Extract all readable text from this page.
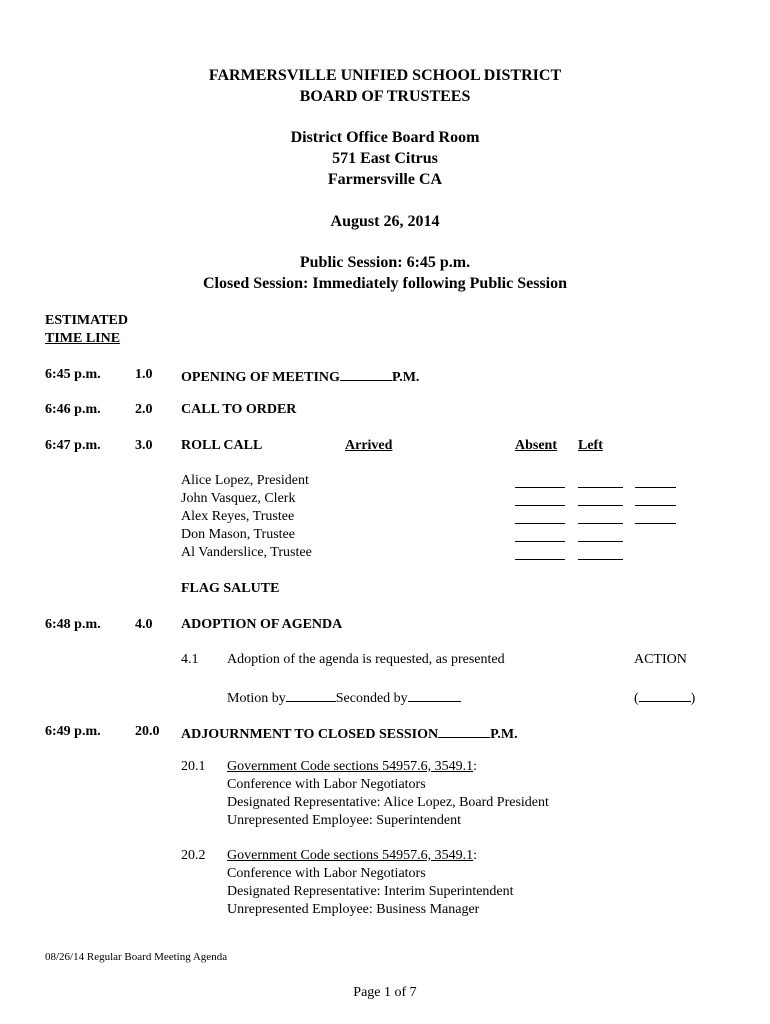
FARMERSVILLE UNIFIED SCHOOL DISTRICT
BOARD OF TRUSTEES
District Office Board Room
571 East Citrus
Farmersville CA
August 26, 2014
Public Session: 6:45 p.m.
Closed Session: Immediately following Public Session
ESTIMATED
TIME LINE
6:45 p.m. 1.0 OPENING OF MEETING	P.M.
6:46 p.m. 2.0 CALL TO ORDER
6:47 p.m. 3.0 ROLL CALL	Arrived	Absent Left
Alice Lopez, President
John Vasquez, Clerk
Alex Reyes, Trustee
Don Mason, Trustee
Al Vanderslice, Trustee
FLAG SALUTE
6:48 p.m. 4.0 ADOPTION OF AGENDA
4.1 Adoption of the agenda is requested, as presented	ACTION
Motion by	Seconded by	(	)
6:49 p.m. 20.0 ADJOURNMENT TO CLOSED SESSION	P.M.
20.1 Government Code sections 54957.6, 3549.1:
Conference with Labor Negotiators
Designated Representative: Alice Lopez, Board President
Unrepresented Employee: Superintendent
20.2 Government Code sections 54957.6, 3549.1:
Conference with Labor Negotiators
Designated Representative: Interim Superintendent
Unrepresented Employee: Business Manager
08/26/14 Regular Board Meeting Agenda
Page 1 of 7
